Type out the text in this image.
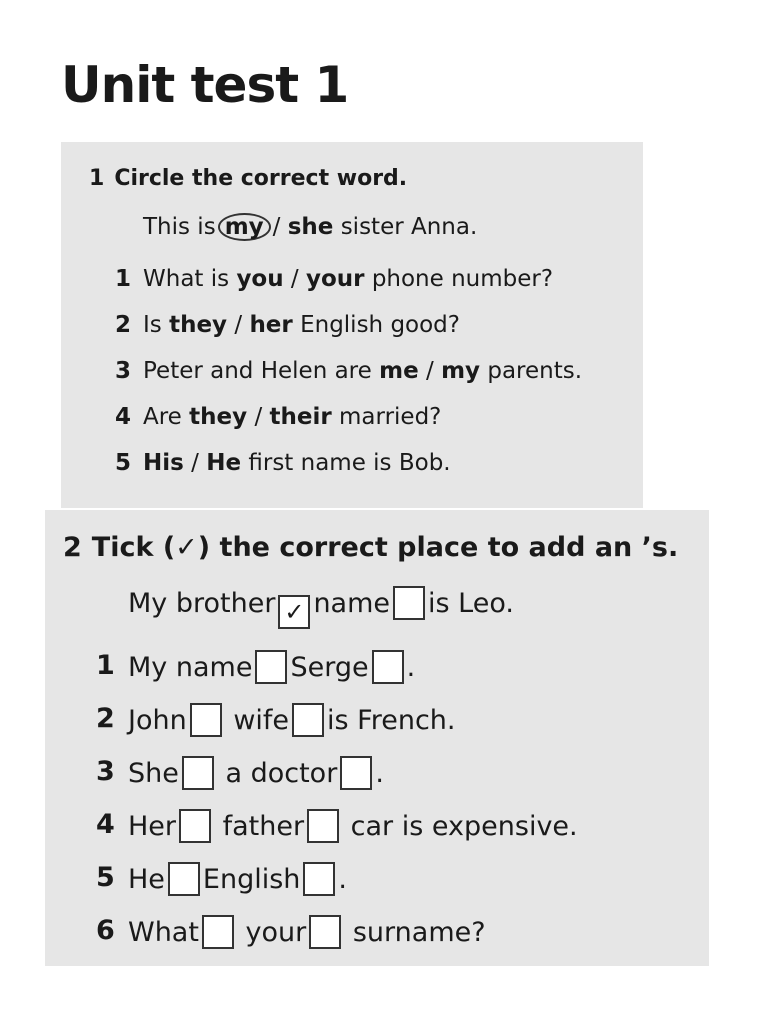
Unit test 1
1 Circle the correct word.
This is my / she sister Anna.
1 What is you / your phone number?
2 Is they / her English good?
3 Peter and Helen are me / my parents.
4 Are they / their married?
5 His / He first name is Bob.
2 Tick (✓) the correct place to add an ’s.
My brother ✓ name is Leo.
1 My name Serge .
2 John wife is French.
3 She a doctor .
4 Her father car is expensive.
5 He English .
6 What your surname?
